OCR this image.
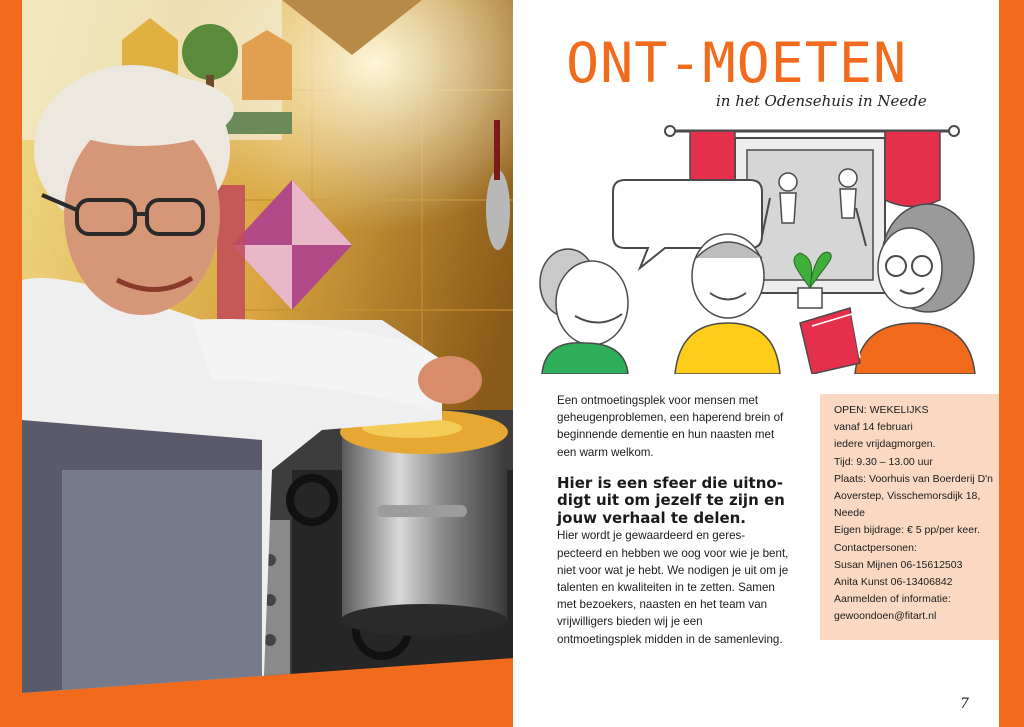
ONT-MOETEN
in het Odensehuis in Neede

Een ontmoetingsplek voor mensen met geheugenproblemen, een haperend brein of beginnende dementie en hun naasten met een warm welkom.

Hier is een sfeer die uitno-digt uit om jezelf te zijn en jouw verhaal te delen.

Hier wordt je gewaardeerd en geres-pecteerd en hebben we oog voor wie je bent, niet voor wat je hebt. We nodigen je uit om je talenten en kwaliteiten in te zetten. Samen met bezoekers, naasten en het team van vrijwilligers bieden wij je een ontmoetingsplek midden in de samenleving.

OPEN: WEKELIJKS
vanaf 14 februari
iedere vrijdagmorgen.
Tijd: 9.30 – 13.00 uur
Plaats: Voorhuis van Boerderij D'n
Aoverstep, Visschemorsdijk 18,
Neede
Eigen bijdrage: € 5 pp/per keer.
Contactpersonen:
Susan Mijnen 06-15612503
Anita Kunst 06-13406842
Aanmelden of informatie:
gewoondoen@fitart.nl
7
